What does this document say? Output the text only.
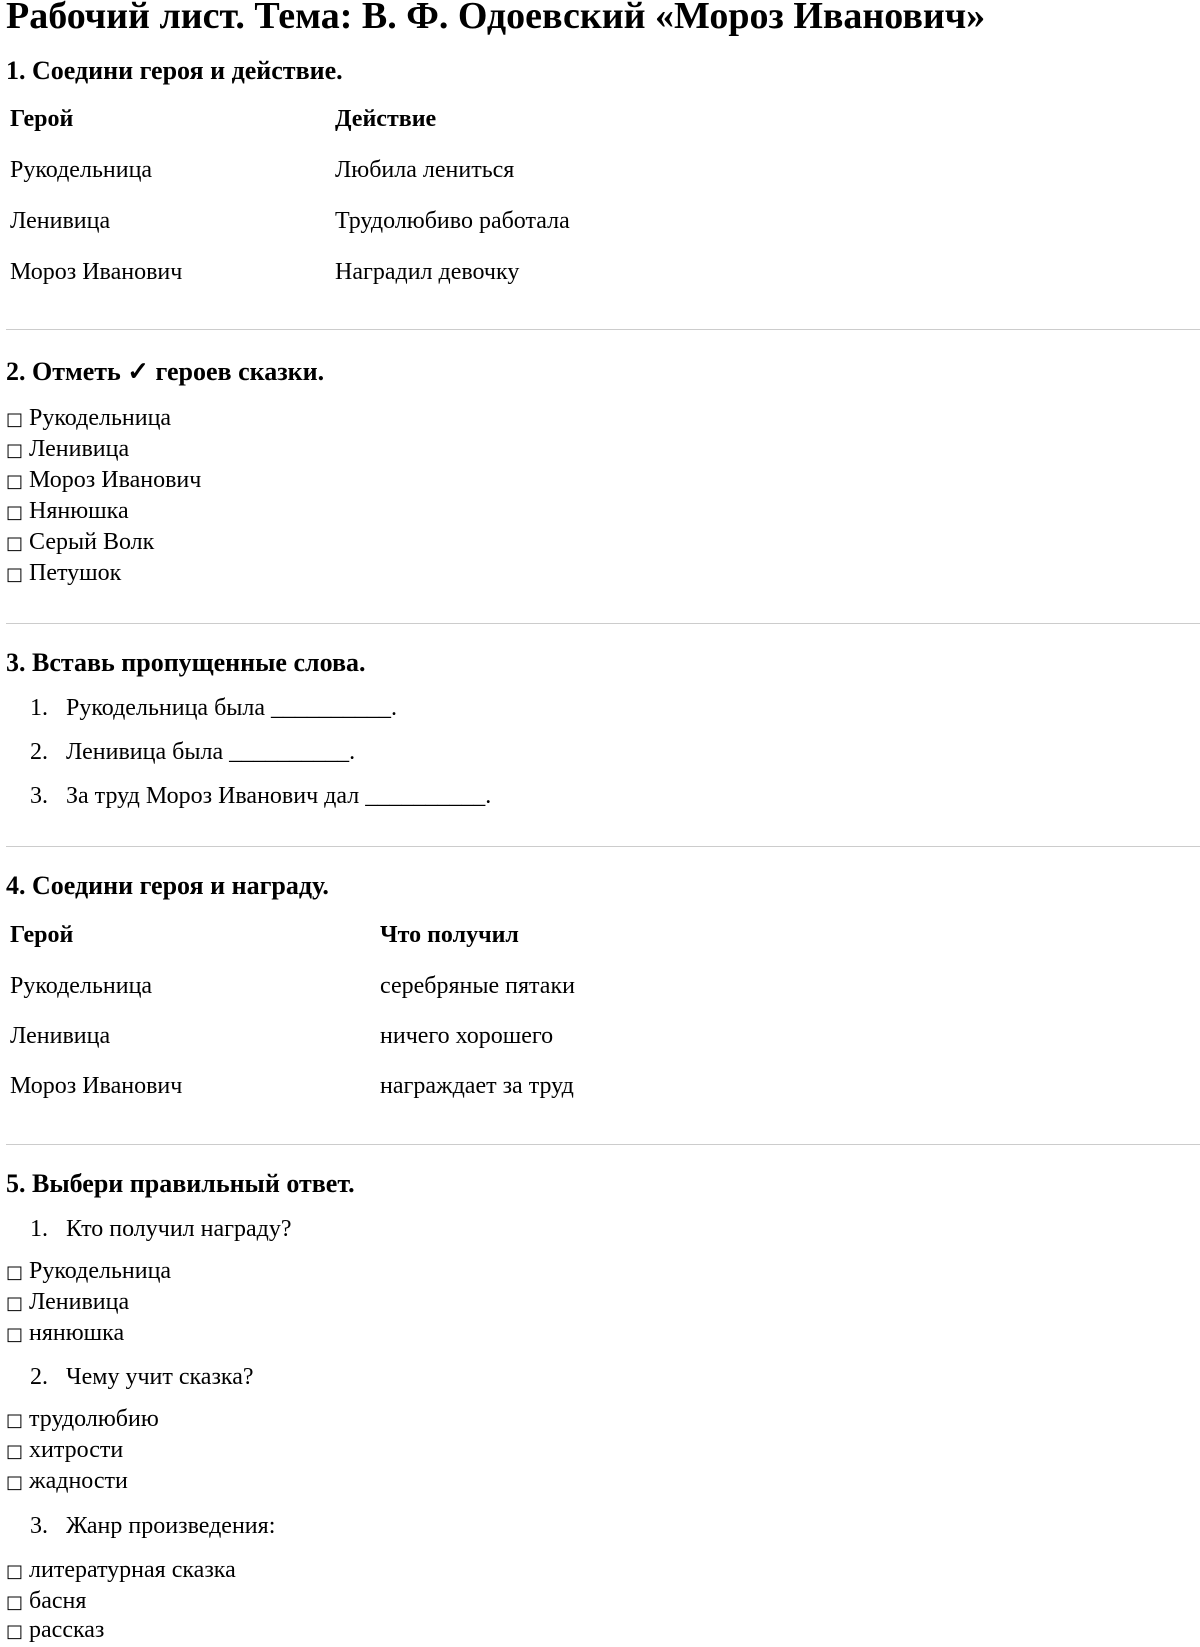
Рабочий лист. Тема: В. Ф. Одоевский «Мороз Иванович»
1. Соедини героя и действие.
Герой	Действие
Рукодельница	Любила лениться
Ленивица	Трудолюбиво работала
Мороз Иванович	Наградил девочку
2. Отметь ✓ героев сказки.
□ Рукодельница
□ Ленивица
□ Мороз Иванович
□ Нянюшка
□ Серый Волк
□ Петушок
3. Вставь пропущенные слова.
1. Рукодельница была __________.
2. Ленивица была __________.
3. За труд Мороз Иванович дал __________.
4. Соедини героя и награду.
Герой	Что получил
Рукодельница	серебряные пятаки
Ленивица	ничего хорошего
Мороз Иванович	награждает за труд
5. Выбери правильный ответ.
1. Кто получил награду?
□ Рукодельница
□ Ленивица
□ нянюшка
2. Чему учит сказка?
□ трудолюбию
□ хитрости
□ жадности
3. Жанр произведения:
□ литературная сказка
□ басня
□ рассказ
